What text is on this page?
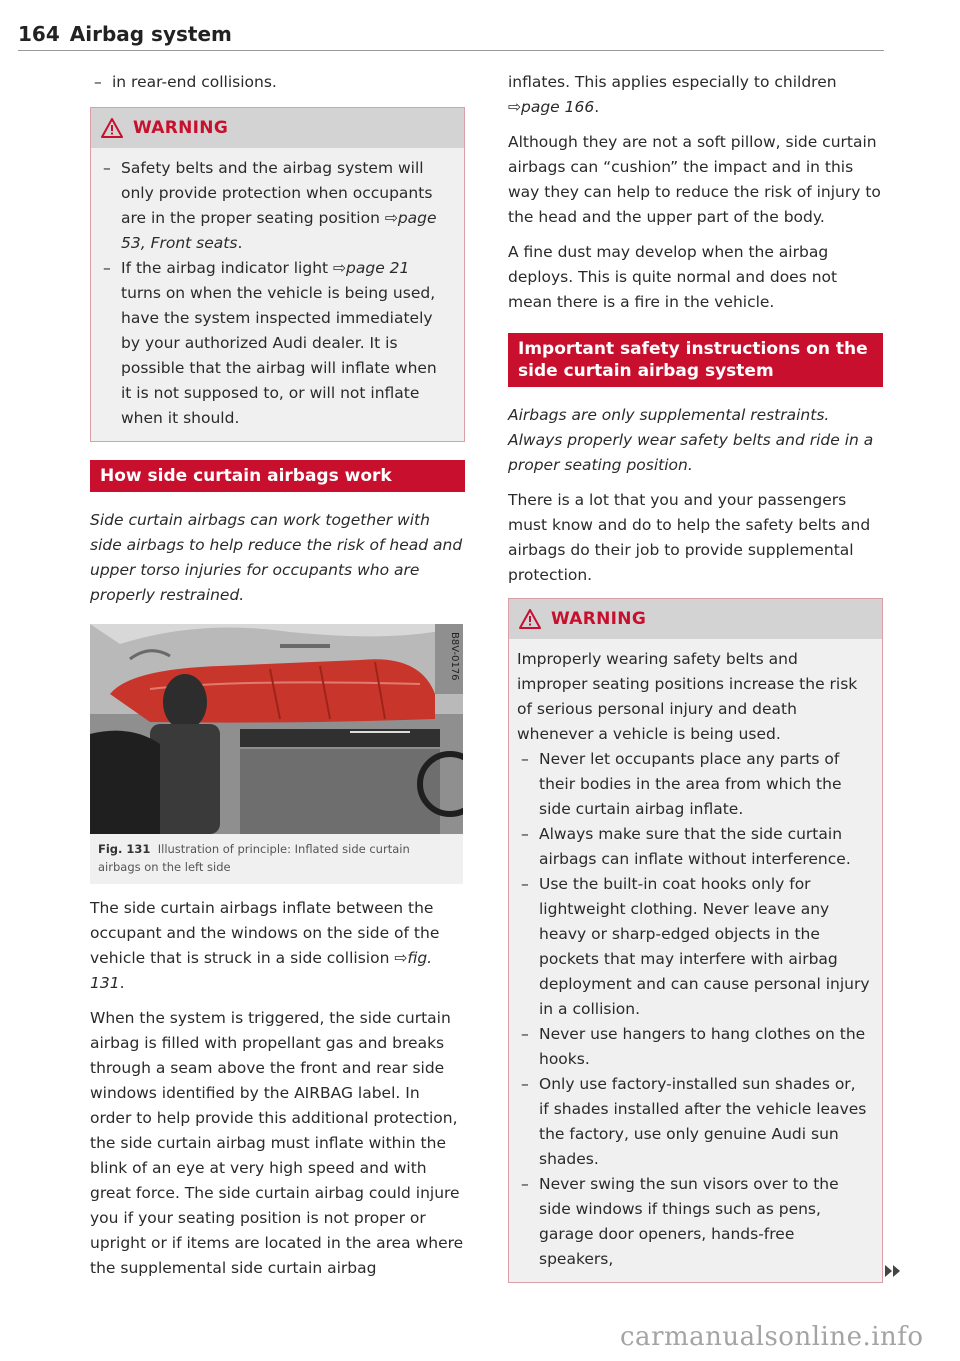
164 Airbag system
– in rear-end collisions.
WARNING
– Safety belts and the airbag system will only provide protection when occupants are in the proper seating position ⇨page 53, Front seats.
– If the airbag indicator light ⇨page 21 turns on when the vehicle is being used, have the system inspected immediately by your authorized Audi dealer. It is possible that the airbag will inflate when it is not supposed to, or will not inflate when it should.
How side curtain airbags work

Side curtain airbags can work together with side airbags to help reduce the risk of head and upper torso injuries for occupants who are properly restrained.

B8V-0176
Fig. 131 Illustration of principle: Inflated side curtain airbags on the left side

The side curtain airbags inflate between the occupant and the windows on the side of the vehicle that is struck in a side collision ⇨fig. 131.

When the system is triggered, the side curtain airbag is filled with propellant gas and breaks through a seam above the front and rear side windows identified by the AIRBAG label. In order to help provide this additional protection, the side curtain airbag must inflate within the blink of an eye at very high speed and with great force. The side curtain airbag could injure you if your seating position is not proper or upright or if items are located in the area where the supplemental side curtain airbag

inflates. This applies especially to children ⇨page 166.

Although they are not a soft pillow, side curtain airbags can “cushion” the impact and in this way they can help to reduce the risk of injury to the head and the upper part of the body.

A fine dust may develop when the airbag deploys. This is quite normal and does not mean there is a fire in the vehicle.

Important safety instructions on the side curtain airbag system

Airbags are only supplemental restraints. Always properly wear safety belts and ride in a proper seating position.

There is a lot that you and your passengers must know and do to help the safety belts and airbags do their job to provide supplemental protection.

WARNING

Improperly wearing safety belts and improper seating positions increase the risk of serious personal injury and death whenever a vehicle is being used.

– Never let occupants place any parts of their bodies in the area from which the side curtain airbag inflate.
– Always make sure that the side curtain airbags can inflate without interference.
– Use the built-in coat hooks only for lightweight clothing. Never leave any heavy or sharp-edged objects in the pockets that may interfere with airbag deployment and can cause personal injury in a collision.
– Never use hangers to hang clothes on the hooks.
– Only use factory-installed sun shades or, if shades installed after the vehicle leaves the factory, use only genuine Audi sun shades.
– Never swing the sun visors over to the side windows if things such as pens, garage door openers, hands-free speakers,
carmanualsonline.info
